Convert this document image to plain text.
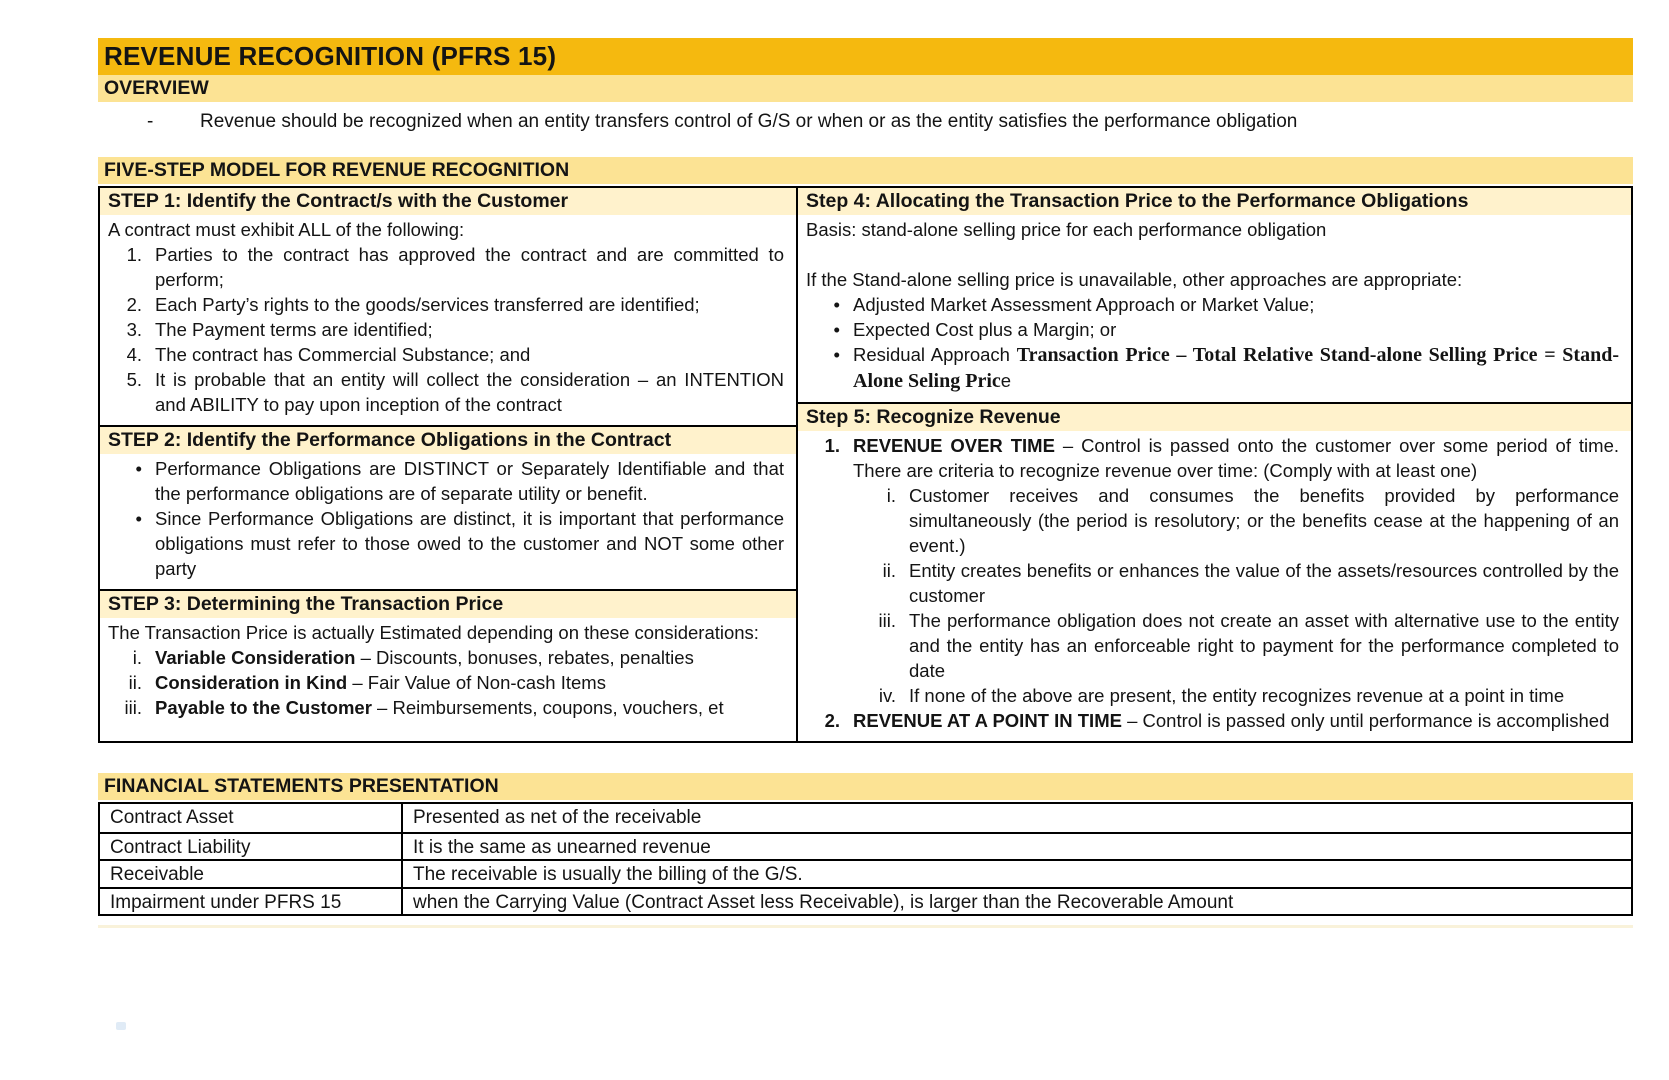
REVENUE RECOGNITION (PFRS 15)
OVERVIEW
-	Revenue should be recognized when an entity transfers control of G/S or when or as the entity satisfies the performance obligation
FIVE-STEP MODEL FOR REVENUE RECOGNITION
STEP 1: Identify the Contract/s with the Customer

A contract must exhibit ALL of the following:

1. Parties to the contract has approved the contract and are committed to perform;
2. Each Party’s rights to the goods/services transferred are identified;
3. The Payment terms are identified;
4. The contract has Commercial Substance; and
5. It is probable that an entity will collect the consideration – an INTENTION and ABILITY to pay upon inception of the contract
STEP 2: Identify the Performance Obligations in the Contract
• Performance Obligations are DISTINCT or Separately Identifiable and that the performance obligations are of separate utility or benefit.
• Since Performance Obligations are distinct, it is important that performance obligations must refer to those owed to the customer and NOT some other party
STEP 3: Determining the Transaction Price

The Transaction Price is actually Estimated depending on these considerations:

i. Variable Consideration – Discounts, bonuses, rebates, penalties
ii. Consideration in Kind – Fair Value of Non-cash Items
iii. Payable to the Customer – Reimbursements, coupons, vouchers, et
Step 4: Allocating the Transaction Price to the Performance Obligations

Basis: stand-alone selling price for each performance obligation

If the Stand-alone selling price is unavailable, other approaches are appropriate:

• Adjusted Market Assessment Approach or Market Value;
• Expected Cost plus a Margin; or
• Residual Approach Transaction Price – Total Relative Stand-alone Selling Price = Stand-Alone Seling Price
Step 5: Recognize Revenue
1. REVENUE OVER TIME – Control is passed onto the customer over some period of time. There are criteria to recognize revenue over time: (Comply with at least one)
i. Customer receives and consumes the benefits provided by performance simultaneously (the period is resolutory; or the benefits cease at the happening of an event.)
ii. Entity creates benefits or enhances the value of the assets/resources controlled by the customer
iii. The performance obligation does not create an asset with alternative use to the entity and the entity has an enforceable right to payment for the performance completed to date
iv. If none of the above are present, the entity recognizes revenue at a point in time
2. REVENUE AT A POINT IN TIME – Control is passed only until performance is accomplished
FINANCIAL STATEMENTS PRESENTATION
Contract Asset	Presented as net of the receivable
Contract Liability	It is the same as unearned revenue
Receivable	The receivable is usually the billing of the G/S.
Impairment under PFRS 15	when the Carrying Value (Contract Asset less Receivable), is larger than the Recoverable Amount
